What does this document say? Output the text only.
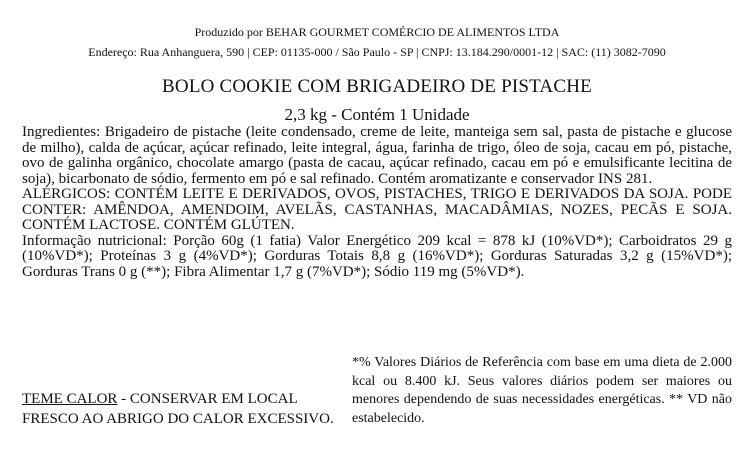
Produzido por BEHAR GOURMET COMÉRCIO DE ALIMENTOS LTDA
Endereço: Rua Anhanguera, 590 | CEP: 01135-000 / São Paulo - SP | CNPJ: 13.184.290/0001-12 | SAC: (11) 3082-7090
BOLO COOKIE COM BRIGADEIRO DE PISTACHE
2,3 kg - Contém 1 Unidade
Ingredientes: Brigadeiro de pistache (leite condensado, creme de leite, manteiga sem sal, pasta de pistache e glucose de milho), calda de açúcar, açúcar refinado, leite integral, água, farinha de trigo, óleo de soja, cacau em pó, pistache, ovo de galinha orgânico, chocolate amargo (pasta de cacau, açúcar refinado, cacau em pó e emulsificante lecitina de soja), bicarbonato de sódio, fermento em pó e sal refinado. Contém aromatizante e conservador INS 281.
ALÉRGICOS: CONTÉM LEITE E DERIVADOS, OVOS, PISTACHES, TRIGO E DERIVADOS DA SOJA. PODE CONTER: AMÊNDOA, AMENDOIM, AVELÃS, CASTANHAS, MACADÂMIAS, NOZES, PECÃS E SOJA. CONTÉM LACTOSE. CONTÉM GLÚTEN.
Informação nutricional: Porção 60g (1 fatia) Valor Energético 209 kcal = 878 kJ (10%VD*); Carboidratos 29 g (10%VD*); Proteínas 3 g (4%VD*); Gorduras Totais 8,8 g (16%VD*); Gorduras Saturadas 3,2 g (15%VD*); Gorduras Trans 0 g (**); Fibra Alimentar 1,7 g (7%VD*); Sódio 119 mg (5%VD*).
TEME CALOR - CONSERVAR EM LOCAL
FRESCO AO ABRIGO DO CALOR EXCESSIVO.
*% Valores Diários de Referência com base em uma dieta de 2.000 kcal ou 8.400 kJ. Seus valores diários podem ser maiores ou menores dependendo de suas necessidades energéticas. ** VD não estabelecido.
